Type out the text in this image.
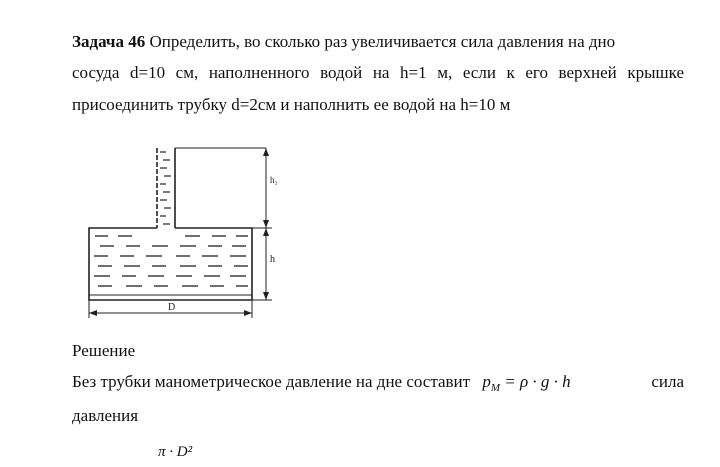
Задача 46 Определить, во сколько раз увеличивается сила давления на дно
сосуда d=10 см, наполненного водой на h=1 м, если к его верхней крышке
присоединить трубку d=2см и наполнить ее водой на h=10 м
h₁
h
D
Решение
Без трубки манометрическое давление на дне составит $p_M = \rho \cdot g \cdot h$	сила
давления
π · D²
